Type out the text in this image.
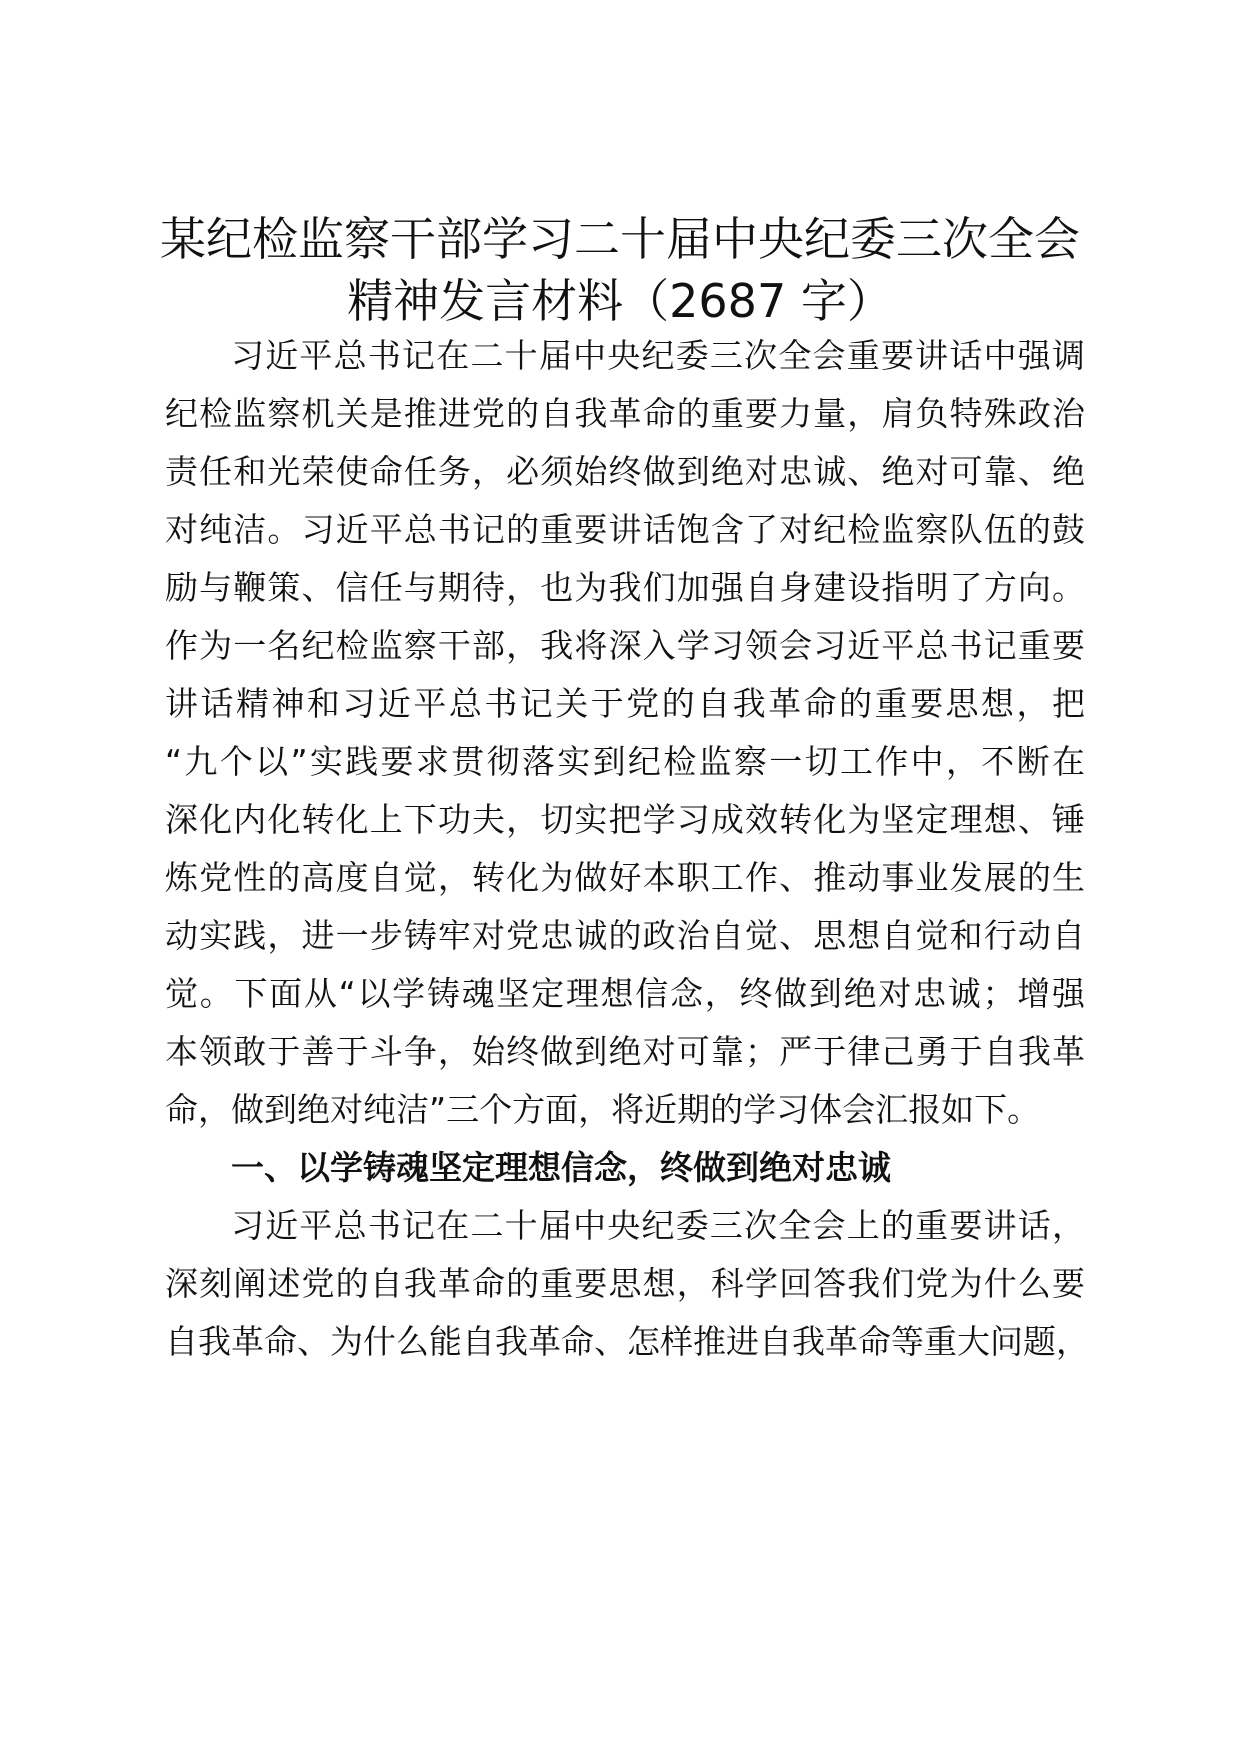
某纪检监察干部学习二十届中央纪委三次全会
精神发言材料（2687 字）
习近平总书记在二十届中央纪委三次全会重要讲话中强调
纪检监察机关是推进党的自我革命的重要力量，肩负特殊政治
责任和光荣使命任务，必须始终做到绝对忠诚、绝对可靠、绝
对纯洁。习近平总书记的重要讲话饱含了对纪检监察队伍的鼓
励与鞭策、信任与期待，也为我们加强自身建设指明了方向。
作为一名纪检监察干部，我将深入学习领会习近平总书记重要
讲话精神和习近平总书记关于党的自我革命的重要思想，把
“九个以”实践要求贯彻落实到纪检监察一切工作中，不断在
深化内化转化上下功夫，切实把学习成效转化为坚定理想、锤
炼党性的高度自觉，转化为做好本职工作、推动事业发展的生
动实践，进一步铸牢对党忠诚的政治自觉、思想自觉和行动自
觉。下面从“以学铸魂坚定理想信念，终做到绝对忠诚；增强
本领敢于善于斗争，始终做到绝对可靠；严于律己勇于自我革
命，做到绝对纯洁”三个方面，将近期的学习体会汇报如下。
一、以学铸魂坚定理想信念，终做到绝对忠诚
习近平总书记在二十届中央纪委三次全会上的重要讲话，
深刻阐述党的自我革命的重要思想，科学回答我们党为什么要
自我革命、为什么能自我革命、怎样推进自我革命等重大问题，
